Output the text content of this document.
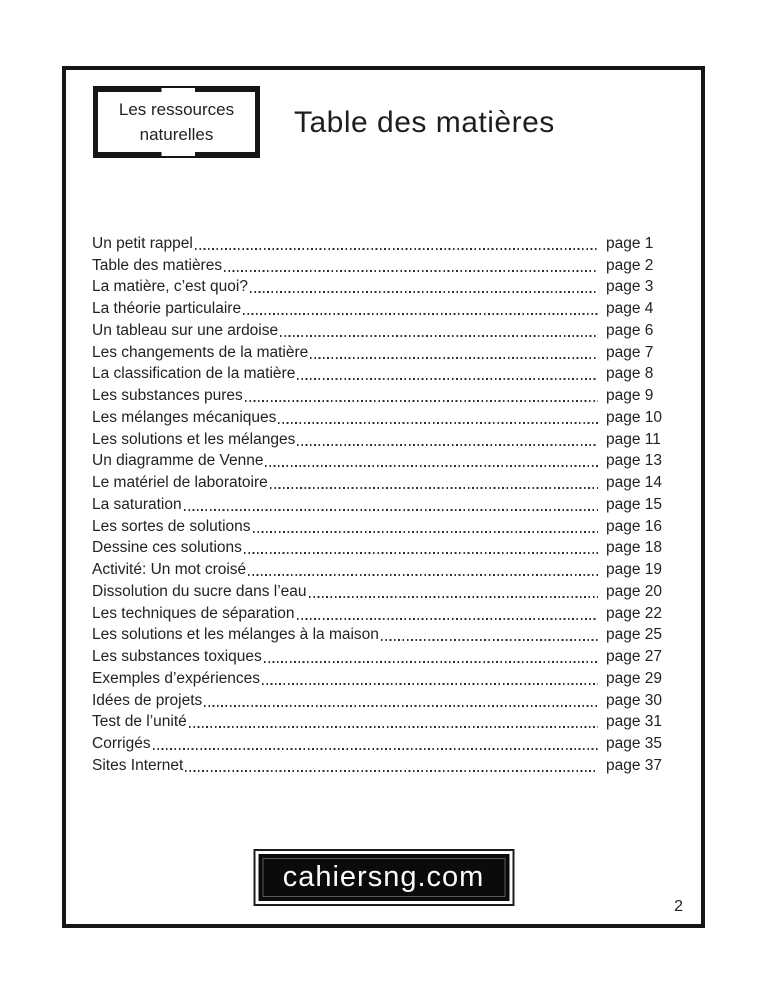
Les ressources
naturelles	Table des matières
Un petit rappel	page 1
Table des matières	page 2
La matière, c’est quoi?	page 3
La théorie particulaire	page 4
Un tableau sur une ardoise	page 6
Les changements de la matière	page 7
La classification de la matière	page 8
Les substances pures	page 9
Les mélanges mécaniques	page 10
Les solutions et les mélanges	page 11
Un diagramme de Venne	page 13
Le matériel de laboratoire	page 14
La saturation	page 15
Les sortes de solutions	page 16
Dessine ces solutions	page 18
Activité: Un mot croisé	page 19
Dissolution du sucre dans l’eau	page 20
Les techniques de séparation	page 22
Les solutions et les mélanges à la maison	page 25
Les substances toxiques	page 27
Exemples d’expériences	page 29
Idées de projets	page 30
Test de l’unité	page 31
Corrigés	page 35
Sites Internet	page 37
cahiersng.com
2
